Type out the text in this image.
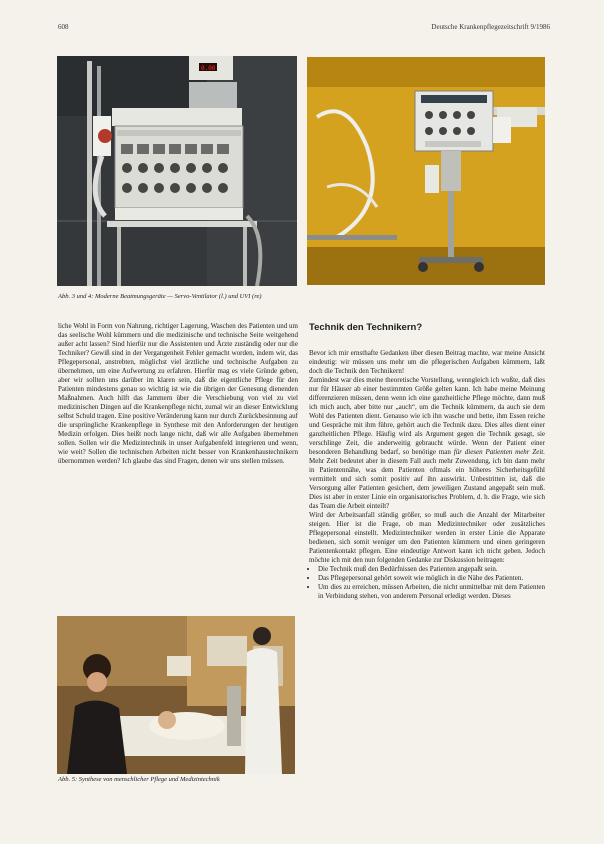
608	Deutsche Krankenpflegezeitschrift 9/1986
0.00
Abb. 3 und 4: Moderne Beatmungsgeräte — Servo-Ventilator (l.) und UVI (re)

liche Wohl in Form von Nahrung, richtiger Lagerung, Waschen des Patienten und um das seelische Wohl kümmern und die medizinische und technische Seite weitgehend außer acht lassen? Sind hierfür nur die Assistenten und Ärzte zuständig oder nur die Techniker? Gewiß sind in der Vergangenheit Fehler gemacht worden, indem wir, das Pflegepersonal, anstrebten, möglichst viel ärztliche und technische Aufgaben zu übernehmen, um eine Aufwertung zu erfahren. Hierfür mag es viele Gründe geben, aber wir sollten uns darüber im klaren sein, daß die eigentliche Pflege für den Patienten mindestens genau so wichtig ist wie die übrigen der Genesung dienenden Maßnahmen. Auch hilft das Jammern über die Verschiebung von viel zu viel medizinischen Dingen auf die Krankenpflege nicht, zumal wir an dieser Entwicklung selbst Schuld tragen. Eine positive Veränderung kann nur durch Zurückbesinnung auf die ursprüngliche Krankenpflege in Synthese mit den Anforderungen der heutigen Medizin erfolgen. Dies heißt noch lange nicht, daß wir alle Aufgaben übernehmen sollen. Sollen wir die Medizintechnik in unser Aufgabenfeld integrieren und wenn, wie weit? Sollen die technischen Arbeiten nicht besser von Krankenhaustechnikern übernommen werden? Ich glaube das sind Fragen, denen wir uns stellen müssen.

Abb. 5: Synthese von menschlicher Pflege und Medizintechnik
Technik den Technikern?

Bevor ich mir ernsthafte Gedanken über diesen Beitrag machte, war meine Ansicht eindeutig: wir müssen uns mehr um die pflegerischen Aufgaben kümmern, laßt doch die Technik den Technikern!

Zumindest war dies meine theoretische Vorstellung, wenngleich ich wußte, daß dies nur für Häuser ab einer bestimmten Größe gelten kann. Ich habe meine Meinung differenzieren müssen, denn wenn ich eine ganzheitliche Pflege möchte, dann muß ich mich auch, aber bitte nur „auch“, um die Technik kümmern, da auch sie dem Wohl des Patienten dient. Genauso wie ich ihn wasche und bette, ihm Essen reiche und Gespräche mit ihm führe, gehört auch die Technik dazu. Dies alles dient einer ganzheitlichen Pflege. Häufig wird als Argument gegen die Technik gesagt, sie verschlinge Zeit, die anderweitig gebraucht würde. Wenn der Patient einer besonderen Behandlung bedarf, so benötige man für diesen Patienten mehr Zeit. Mehr Zeit bedeutet aber in diesem Fall auch mehr Zuwendung, ich bin dann mehr in Patientennähe, was dem Patienten oftmals ein höheres Sicherheitsgefühl vermittelt und sich somit positiv auf ihn auswirkt. Unbestritten ist, daß die Versorgung aller Patienten gesichert, dem jeweiligen Zustand angepaßt sein muß. Dies ist aber in erster Linie ein organisatorisches Problem, d. h. die Frage, wie sich das Team die Arbeit einteilt?

Wird der Arbeitsanfall ständig größer, so muß auch die Anzahl der Mitarbeiter steigen. Hier ist die Frage, ob man Medizintechniker oder zusätzliches Pflegepersonal einstellt. Medizintechniker werden in erster Linie die Apparate bedienen, sich somit weniger um den Patienten kümmern und einen geringeren Patientenkontakt pflegen. Eine eindeutige Antwort kann ich nicht geben. Jedoch möchte ich mit den nun folgenden Gedanke zur Diskussion beitragen:

• Die Technik muß den Bedürfnissen des Patienten angepaßt sein.
• Das Pflegepersonal gehört soweit wie möglich in die Nähe des Patienten.
• Um dies zu erreichen, müssen Arbeiten, die nicht unmittelbar mit dem Patienten in Verbindung stehen, von anderem Personal erledigt werden. Dieses
